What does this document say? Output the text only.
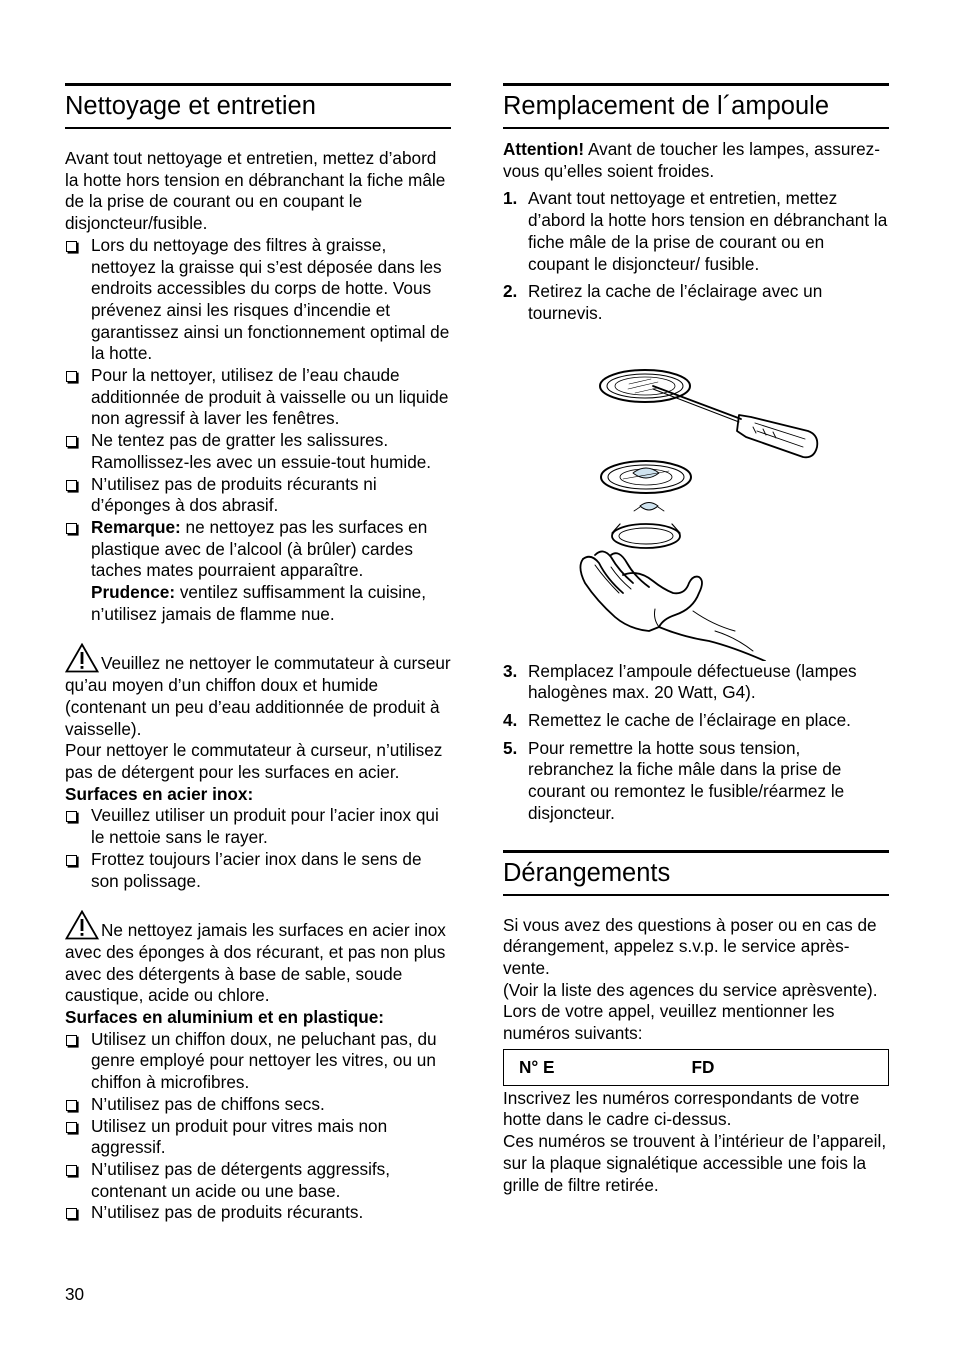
Nettoyage et entretien

Avant tout nettoyage et entretien, mettez d’abord la hotte hors tension en débranchant la fiche mâle de la prise de courant ou en coupant le disjoncteur/fusible.

Lors du nettoyage des filtres à graisse, nettoyez la graisse qui s’est déposée dans les endroits accessibles du corps de hotte. Vous prévenez ainsi les risques d’incendie et garantissez ainsi un fonctionnement optimal de la hotte.
Pour la nettoyer, utilisez de l’eau chaude additionnée de produit à vaisselle ou un liquide non agressif à laver les fenêtres.
Ne tentez pas de gratter les salissures. Ramollissez-les avec un essuie-tout humide.
N’utilisez pas de produits récurants ni d’éponges à dos abrasif.
Remarque: ne nettoyez pas les surfaces en plastique avec de l’alcool (à brûler) cardes taches mates pourraient apparaître.
Prudence: ventilez suffisamment la cuisine, n’utilisez jamais de flamme nue.

Veuillez ne nettoyer le commutateur à curseur qu’au moyen d’un chiffon doux et humide (contenant un peu d’eau additionnée de produit à vaisselle).

Pour nettoyer le commutateur à curseur, n’utilisez pas de détergent pour les surfaces en acier.

Surfaces en acier inox:

Veuillez utiliser un produit pour l’acier inox qui le nettoie sans le rayer.
Frottez toujours l’acier inox dans le sens de son polissage.

Ne nettoyez jamais les surfaces en acier inox avec des éponges à dos récurant, et pas non plus avec des détergents à base de sable, soude caustique, acide ou chlore.

Surfaces en aluminium et en plastique:

Utilisez un chiffon doux, ne peluchant pas, du genre employé pour nettoyer les vitres, ou un chiffon à microfibres.
N’utilisez pas de chiffons secs.
Utilisez un produit pour vitres mais non aggressif.
N’utilisez pas de détergents aggressifs, contenant un acide ou une base.
N’utilisez pas de produits récurants.
Remplacement de l´ampoule

Attention! Avant de toucher les lampes, assurez-vous qu’elles soient froides.

1. Avant tout nettoyage et entretien, mettez d’abord la hotte hors tension en débranchant la fiche mâle de la prise de courant ou en coupant le disjoncteur/ fusible.
2. Retirez la cache de l’éclairage avec un tournevis.
3. Remplacez l’ampoule défectueuse (lampes halogènes max. 20 Watt, G4).
4. Remettez le cache de l’éclairage en place.
5. Pour remettre la hotte sous tension, rebranchez la fiche mâle dans la prise de courant ou remontez le fusible/réarmez le disjoncteur.
Dérangements

Si vous avez des questions à poser ou en cas de dérangement, appelez s.v.p. le service après-vente.

(Voir la liste des agences du service aprèsvente).

Lors de votre appel, veuillez mentionner les numéros suivants:

N° E	FD

Inscrivez les numéros correspondants de votre hotte dans le cadre ci-dessus.

Ces numéros se trouvent à l’intérieur de l’appareil, sur la plaque signalétique accessible une fois la grille de filtre retirée.

30
